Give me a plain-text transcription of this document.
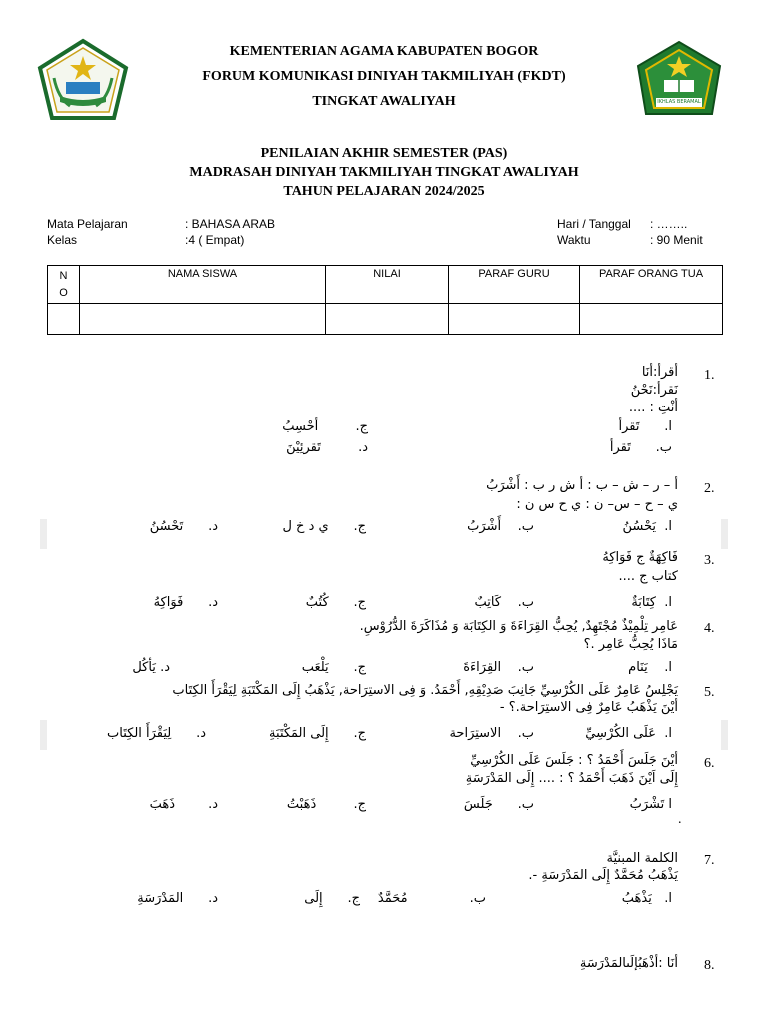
IKHLAS BERAMAL
KEMENTERIAN AGAMA KABUPATEN BOGOR
FORUM KOMUNIKASI DINIYAH TAKMILIYAH (FKDT)
TINGKAT AWALIYAH
PENILAIAN AKHIR SEMESTER (PAS)
MADRASAH DINIYAH TAKMILIYAH TINGKAT AWALIYAH
TAHUN PELAJARAN 2024/2025
Mata Pelajaran	: BAHASA ARAB
Kelas	:4 ( Empat)
Hari / Tanggal : ……..
Waktu	: 90 Menit
N
O	NAMA SISWA	NILAI	PARAF GURU	PARAF ORANG TUA

1.
أقرأ:أنَا
نَقرأ:نَحْنُ
أنْتِ : ....
ا.      تَقرأ
ب.      تَقرأ
ج.         أحْسِبُ
د.         تَقرئِيْنَ
2.
أ – ر – ش – ب : أ ش ر ب : أَشْرَبُ
ي – ح – س– ن : ي ح س ن :
ا.  يَحْسُنُ
ب.    أَشْرَبُ
ج.      ي د خ ل
د.      تَحْسُنُ
3.
فَاكِهَةٌ ج فَوَاكِهُ
كتاب ج ....
ا.  كِتَابَةٌ
ب.    كَاتِبٌ
ج.      كُتُبٌ
د.      فَوَاكِهُ
4.
عَامِر تِلْمِيْذٌ مُجْتَهِدٌ, يُحِبُّ القِرَاءَةَ وَ الكِتَابَة وَ مُذَاكَرَةَ الدُّرُوْسِ.
مَاذَا يُحِبُّ عَامِر .؟
ا.    يَنَام
ب.    القِرَاءَةَ
ج.      يَلْعَب
د. يَأكُل
5.
يَجْلِسُ عَامِرٌ عَلَى الكُرْسِيِّ جَانِبَ صَدِيْقِهِ, أَحْمَدُ. وَ فِى الاستِرَاحة, يَذْهَبُ إِلَى المَكْتَبَةِ لِيَقْرَأَ الكِتَاب
أيْنَ يَذْهَبُ عَامِرٌ فِى الاستِرَاحة.؟ -
ا.  عَلَى الكُرْسِيِّ
ب.    الاستِرَاحة
ج.      إِلَى المَكْتَبَةِ
د.      لِيَقْرَأَ الكِتَاب
6.
أيْنَ جَلَسَ أَحْمَدُ ؟ : جَلَسَ عَلَى الكُرْسِيِّ
إِلَى اَيْنَ ذَهَبَ أَحْمَدُ ؟ : .... إِلَى المَدْرَسَةِ
ا تَشْرَبُ
ب.      جَلَسَ
ج.         ذَهَبْتُ
د.        ذَهَبَ
.
7.
الكلمة المبنيَّة
يَذْهَبُ مُحَمَّدٌ إِلَى المَدْرَسَةِ -.
ا.   يَذْهَبُ
ب.               مُحَمَّدٌ
ج.      إِلَى
د.      المَدْرَسَةِ
8.
أنَا :أذْهَبُإلَىالمَدْرَسَةِ
